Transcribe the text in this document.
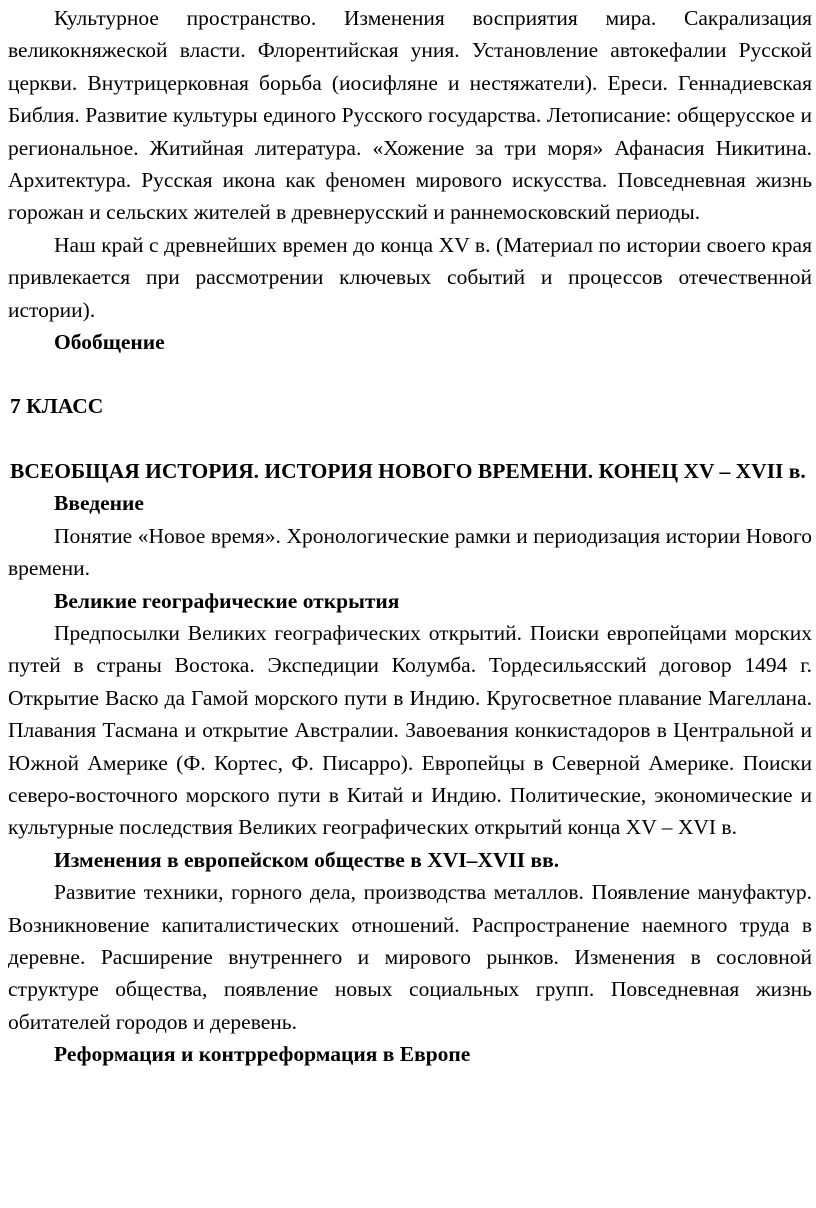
Культурное пространство. Изменения восприятия мира. Сакрализация великокняжеской власти. Флорентийская уния. Установление автокефалии Русской церкви. Внутрицерковная борьба (иосифляне и нестяжатели). Ереси. Геннадиевская Библия. Развитие культуры единого Русского государства. Летописание: общерусское и региональное. Житийная литература. «Хожение за три моря» Афанасия Никитина. Архитектура. Русская икона как феномен мирового искусства. Повседневная жизнь горожан и сельских жителей в древнерусский и раннемосковский периоды.

Наш край с древнейших времен до конца XV в. (Материал по истории своего края привлекается при рассмотрении ключевых событий и процессов отечественной истории).

Обобщение

7 КЛАСС

ВСЕОБЩАЯ ИСТОРИЯ. ИСТОРИЯ НОВОГО ВРЕМЕНИ. КОНЕЦ XV – XVII в.

Введение

Понятие «Новое время». Хронологические рамки и периодизация истории Нового времени.

Великие географические открытия

Предпосылки Великих географических открытий. Поиски европейцами морских путей в страны Востока. Экспедиции Колумба. Тордесильясский договор 1494 г. Открытие Васко да Гамой морского пути в Индию. Кругосветное плавание Магеллана. Плавания Тасмана и открытие Австралии. Завоевания конкистадоров в Центральной и Южной Америке (Ф. Кортес, Ф. Писарро). Европейцы в Северной Америке. Поиски северо-восточного морского пути в Китай и Индию. Политические, экономические и культурные последствия Великих географических открытий конца XV – XVI в.

Изменения в европейском обществе в XVI–XVII вв.

Развитие техники, горного дела, производства металлов. Появление мануфактур. Возникновение капиталистических отношений. Распространение наемного труда в деревне. Расширение внутреннего и мирового рынков. Изменения в сословной структуре общества, появление новых социальных групп. Повседневная жизнь обитателей городов и деревень.

Реформация и контрреформация в Европе
